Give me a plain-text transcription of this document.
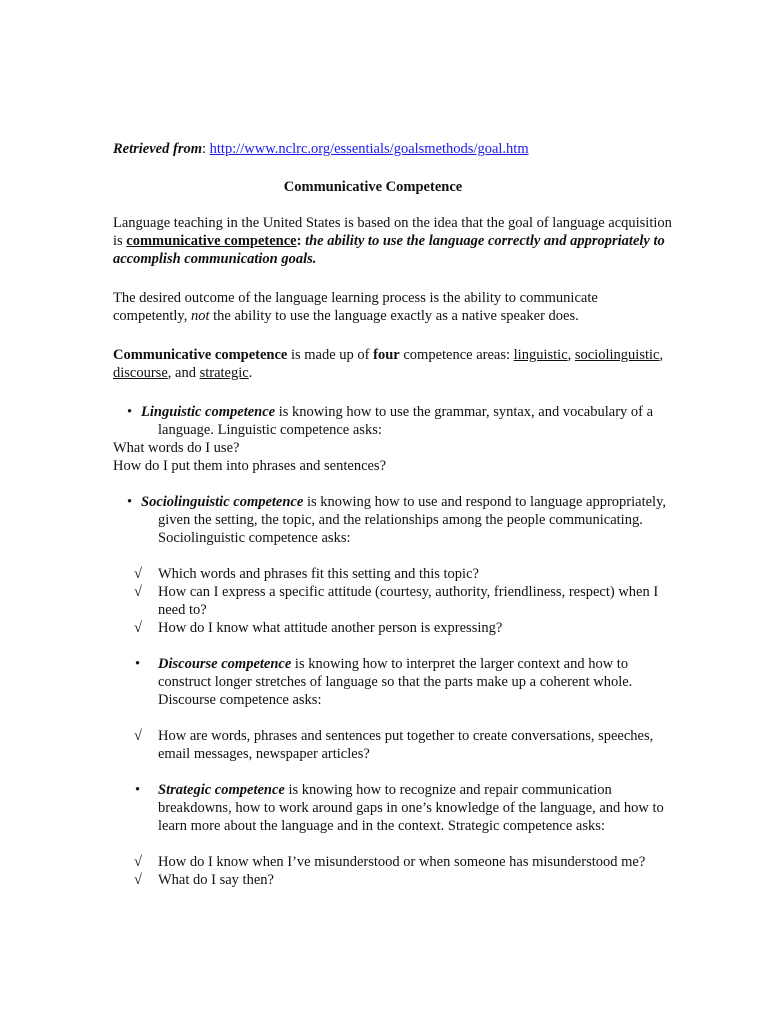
Retrieved from: http://www.nclrc.org/essentials/goalsmethods/goal.htm

Communicative Competence

Language teaching in the United States is based on the idea that the goal of language acquisition is communicative competence: the ability to use the language correctly and appropriately to accomplish communication goals.

The desired outcome of the language learning process is the ability to communicate competently, not the ability to use the language exactly as a native speaker does.

Communicative competence is made up of four competence areas: linguistic, sociolinguistic, discourse, and strategic.

• Linguistic competence is knowing how to use the grammar, syntax, and vocabulary of a language. Linguistic competence asks:

What words do I use?

How do I put them into phrases and sentences?

• Sociolinguistic competence is knowing how to use and respond to language appropriately, given the setting, the topic, and the relationships among the people communicating. Sociolinguistic competence asks:

√ Which words and phrases fit this setting and this topic?

√ How can I express a specific attitude (courtesy, authority, friendliness, respect) when I need to?

√ How do I know what attitude another person is expressing?

• Discourse competence is knowing how to interpret the larger context and how to construct longer stretches of language so that the parts make up a coherent whole. Discourse competence asks:

√ How are words, phrases and sentences put together to create conversations, speeches, email messages, newspaper articles?

• Strategic competence is knowing how to recognize and repair communication breakdowns, how to work around gaps in one’s knowledge of the language, and how to learn more about the language and in the context. Strategic competence asks:

√ How do I know when I’ve misunderstood or when someone has misunderstood me?

√ What do I say then?
